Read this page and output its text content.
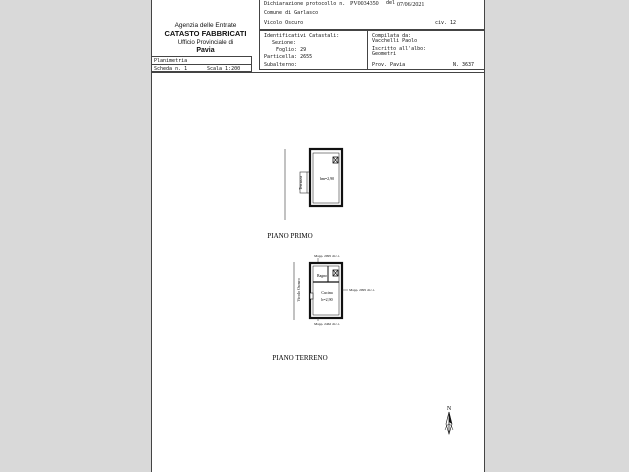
Agenzia delle Entrate
CATASTO FABBRICATI
Ufficio Provinciale di
Pavia
Dichiarazione protocollo n. PV0034350 del 07/06/2021
Comune di Garlasco
Vicolo Oscuro	civ. 12
Identificativi Catastali:
Sezione:
Foglio: 29
Particella: 2655
Subalterno:
Compilata da:
Vacchelli Paolo
Iscritto all'albo:
Geometri
Prov. Pavia	N. 3637
Planimetria
Scheda n. 1	Scala 1:200
Terrazza	hm=2,90
PIANO PRIMO
Mapp. 2095 di c.t.
Bagno
Cucina
h=2,90
Vicolo Oscuro	Mapp. 2095 di c.t.
Mapp. 2462 di c.t.
PIANO TERRENO
N
